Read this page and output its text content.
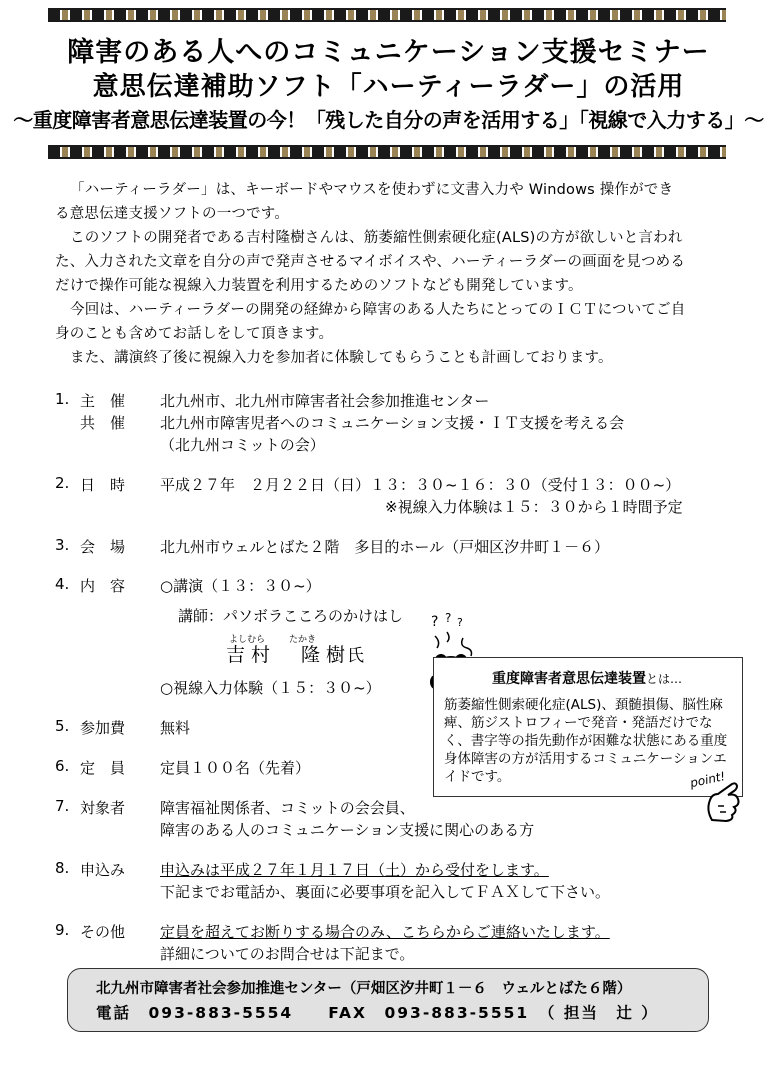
障害のある人へのコミュニケーション支援セミナー
意思伝達補助ソフト「ハーティーラダー」の活用
～重度障害者意思伝達装置の今！「残した自分の声を活用する」「視線で入力する」～
「ハーティーラダー」は、キーボードやマウスを使わずに文書入力や Windows 操作ができ
る意思伝達支援ソフトの一つです。
このソフトの開発者である吉村隆樹さんは、筋萎縮性側索硬化症(ALS)の方が欲しいと言われ
た、入力された文章を自分の声で発声させるマイボイスや、ハーティーラダーの画面を見つめる
だけで操作可能な視線入力装置を利用するためのソフトなども開発しています。
今回は、ハーティーラダーの開発の経緯から障害のある人たちにとってのＩＣＴについてご自
身のことも含めてお話しをして頂きます。
また、講演終了後に視線入力を参加者に体験してもらうことも計画しております。
1. 主　催 北九州市、北九州市障害者社会参加推進センター
共　催 北九州市障害児者へのコミュニケーション支援・ＩＴ支援を考える会
（北九州コミットの会）
2. 日　時 平成２７年　２月２２日（日）１３：３０~１６：３０（受付１３：００~）
※視線入力体験は１５：３０から１時間予定
3. 会　場 北九州市ウェルとばた２階　多目的ホール（戸畑区汐井町１－６）
4. 内　容 ○講演（１３：３０~）
講師：パソボラこころのかけはし
よしむら	たかき
吉村　隆樹
氏
○視線入力体験（１５：３０~）
? ? ?
重度障害者意思伝達装置とは…
筋萎縮性側索硬化症(ALS)、頚髄損傷、脳性麻痺、筋ジストロフィーで発音・発語だけでなく、書字等の指先動作が困難な状態にある重度身体障害の方が活用するコミュニケーションエイドです。	point!
5. 参加費 無料
6. 定　員 定員１００名（先着）
7. 対象者 障害福祉関係者、コミットの会会員、
障害のある人のコミュニケーション支援に関心のある方
8. 申込み 申込みは平成２７年１月１７日（土）から受付をします。
下記までお電話か、裏面に必要事項を記入してＦＡＸして下さい。
9. その他 定員を超えてお断りする場合のみ、こちらからご連絡いたします。
詳細についてのお問合せは下記まで。
北九州市障害者社会参加推進センター（戸畑区汐井町１－６　ウェルとばた６階）
電話　093-883-5554　　FAX　093-883-5551　（ 担当　辻 ）
